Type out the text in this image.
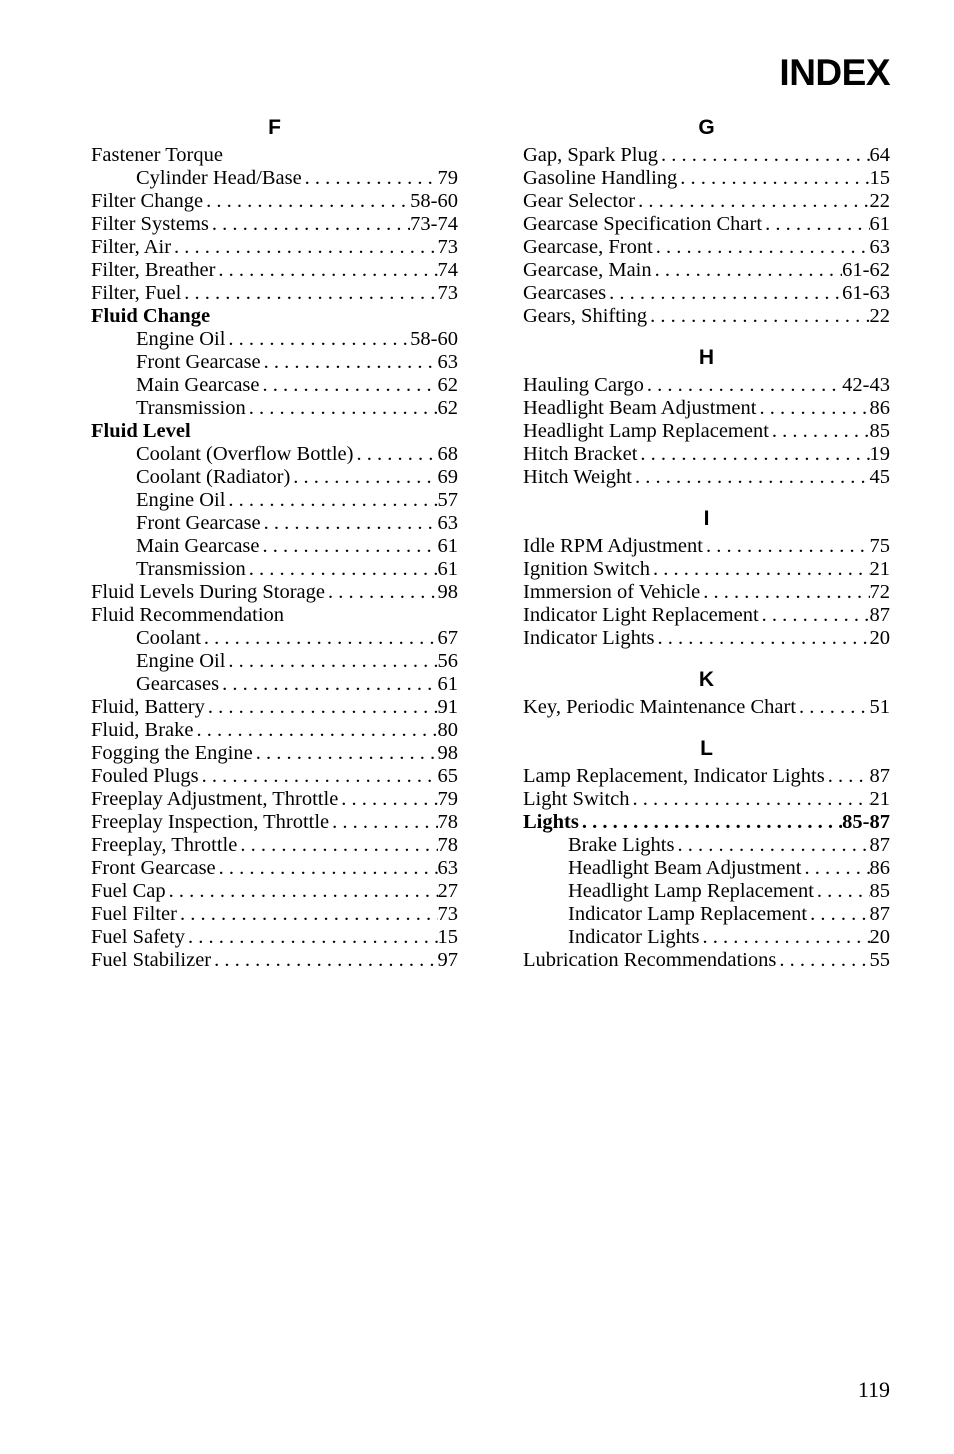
INDEX
F
Fastener Torque
Cylinder Head/Base . . .	79
Filter Change . . .	58-60
Filter Systems . . .	73-74
Filter, Air . . .	73
Filter, Breather . . .	74
Filter, Fuel . . .	73
Fluid Change
Engine Oil . . .	58-60
Front Gearcase . . .	63
Main Gearcase . . .	62
Transmission . . .	62
Fluid Level
Coolant (Overflow Bottle) . . .	68
Coolant (Radiator) . . .	69
Engine Oil . . .	57
Front Gearcase . . .	63
Main Gearcase . . .	61
Transmission . . .	61
Fluid Levels During Storage . . .	98
Fluid Recommendation
Coolant . . .	67
Engine Oil . . .	56
Gearcases . . .	61
Fluid, Battery . . .	91
Fluid, Brake . . .	80
Fogging the Engine . . .	98
Fouled Plugs . . .	65
Freeplay Adjustment, Throttle . . .	79
Freeplay Inspection, Throttle . . .	78
Freeplay, Throttle . . .	78
Front Gearcase . . .	63
Fuel Cap . . .	27
Fuel Filter . . .	73
Fuel Safety . . .	15
Fuel Stabilizer . . .	97
G
Gap, Spark Plug . . .	64
Gasoline Handling . . .	15
Gear Selector . . .	22
Gearcase Specification Chart . . .	61
Gearcase, Front . . .	63
Gearcase, Main . . .	61-62
Gearcases . . .	61-63
Gears, Shifting . . .	22
H
Hauling Cargo . . .	42-43
Headlight Beam Adjustment . . .	86
Headlight Lamp Replacement . . .	85
Hitch Bracket . . .	19
Hitch Weight . . .	45
I
Idle RPM Adjustment . . .	75
Ignition Switch . . .	21
Immersion of Vehicle . . .	72
Indicator Light Replacement . . .	87
Indicator Lights . . .	20
K
Key, Periodic Maintenance Chart . . .	51
L
Lamp Replacement, Indicator Lights . . . 87
Light Switch . . .	21
Lights . . .	85-87
Brake Lights . . .	87
Headlight Beam Adjustment . . .	86
Headlight Lamp Replacement . . .	85
Indicator Lamp Replacement . . .	87
Indicator Lights . . .	20
Lubrication Recommendations . . .	55
119
